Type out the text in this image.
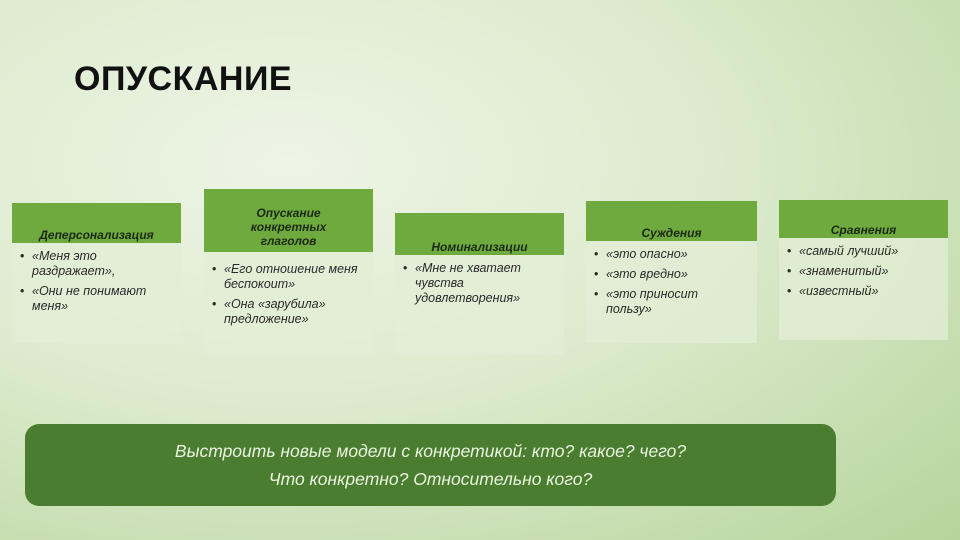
ОПУСКАНИЕ
Деперсонализация
• «Меня это раздражает»,
• «Они не понимают меня»
Опускание конкретных глаголов
• «Его отношение меня беспокоит»
• «Она «зарубила» предложение»
Номинализации
• «Мне не хватает чувства удовлетворения»
Суждения
• «это опасно»
• «это вредно»
• «это приносит пользу»
Сравнения
• «самый лучший»
• «знаменитый»
• «известный»
Выстроить новые модели с конкретикой: кто? какое? чего?
Что конкретно? Относительно кого?
